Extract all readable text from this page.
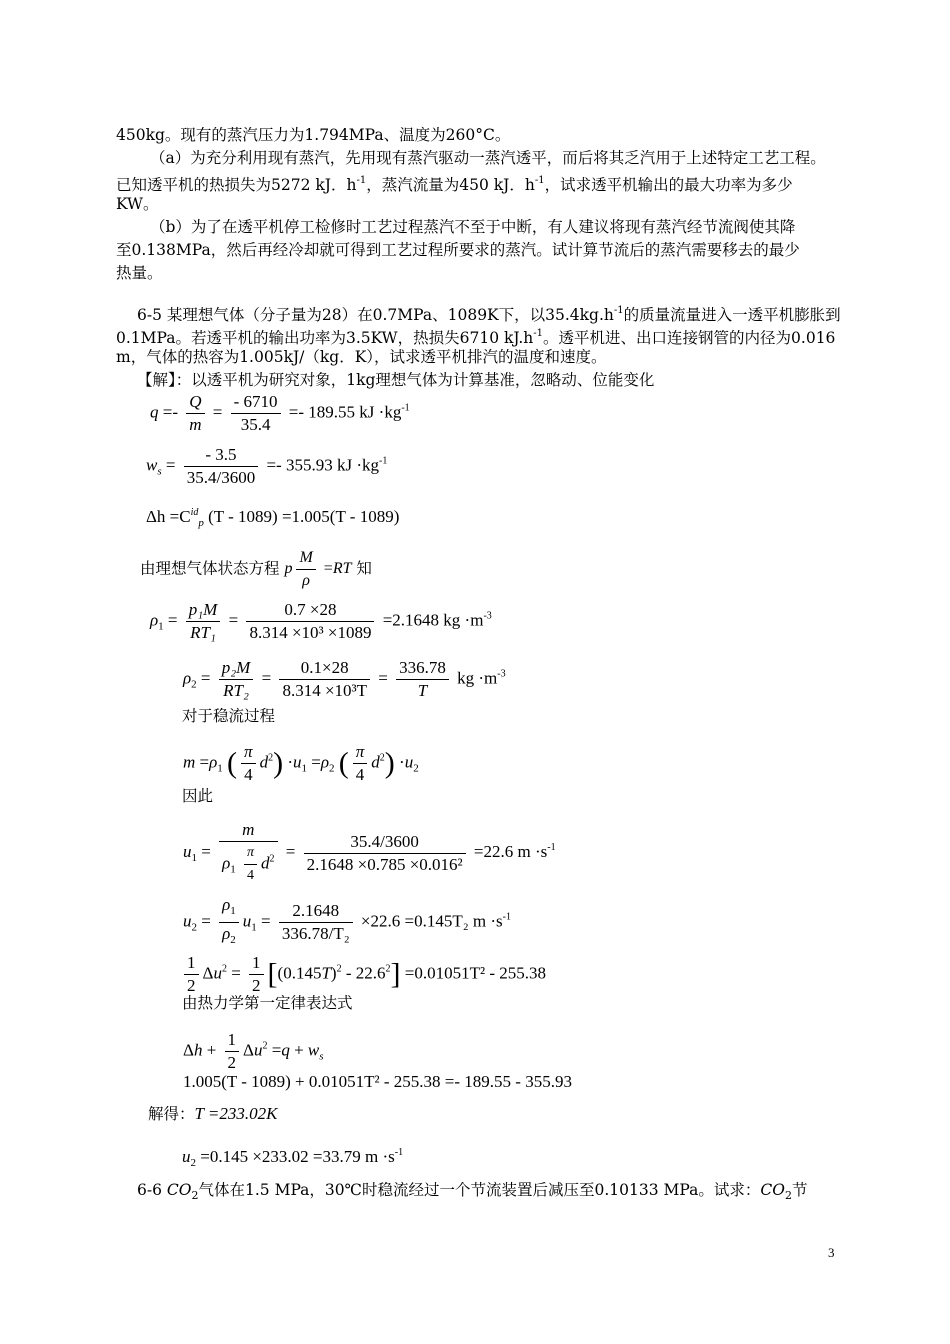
450kg。现有的蒸汽压力为1.794MPa、温度为260°C。
（a）为充分利用现有蒸汽，先用现有蒸汽驱动一蒸汽透平，而后将其乏汽用于上述特定工艺工程。
已知透平机的热损失为5272 kJ．$h^{-1}$，蒸汽流量为450 kJ．$h^{-1}$，试求透平机输出的最大功率为多少
KW。
（b）为了在透平机停工检修时工艺过程蒸汽不至于中断，有人建议将现有蒸汽经节流阀使其降
至0.138MPa，然后再经冷却就可得到工艺过程所要求的蒸汽。试计算节流后的蒸汽需要移去的最少
热量。
6-5 某理想气体（分子量为28）在0.7MPa、1089K下，以$35.4kg.h^{-1}$的质量流量进入一透平机膨胀到
0.1MPa。若透平机的输出功率为3.5KW，热损失6710 $kJ.h^{-1}$。透平机进、出口连接钢管的内径为0.016
m，气体的热容为1.005kJ/（kg．K），试求透平机排汽的温度和速度。
【解】：以透平机为研究对象，1kg理想气体为计算基准，忽略动、位能变化
$q =- \frac{Q}{m} = \frac{- 6710}{35.4} =- 189.55$ kJ $\cdot kg^{-1}$
$w_s = \frac{- 3.5}{35.4/3600} =- 355.93$ kJ $\cdot kg^{-1}$
$\Delta h =C^{id}_p$ (T - 1089) =1.005(T - 1089)
由理想气体状态方程 p $\frac{M}{\rho} =RT$ 知
$\rho_1 = \frac{\text{p₁M}}{\text{RT₁}} = \frac{0.7 \times 28}{\text{8.314 ×10³ ×1089}} =2.1648$ kg $\cdot m^{-3}$
$\rho_2 = \frac{\text{p₂M}}{\text{RT₂}} = \frac{0.1\times 28}{\text{8.314 ×10³T}} = \frac{336.78}{T}$ kg $\cdot m^{-3}$
对于稳流过程
$m =\rho_1$ ( $\frac{\pi}{4} d^2) \cdot u_1 =\rho_2$ ( $\frac{\pi}{4} d^2) \cdot u_2$
因此
$u_1 = \frac{m}{\rho_1 \frac{\pi}{4} d^2} = \frac{35.4/3600}{\text{2.1648 ×0.785 ×0.016²}} =22.6$ $m \cdot s^{-1}$
$u_2 = \frac{\rho_1}{\rho_2} u_1 = \frac{2.1648}{\text{336.78/T₂}} \times 22.6 =0.145T_2$ $m \cdot s^{-1}$
$\frac{1}{2} \Delta u^2 = \frac{1}{2} [(0.145T)^2 - 22.6^2] =0.01051T^2 - 255.38$
由热力学第一定律表达式
$\Delta h + \frac{1}{2} \Delta u^2 =q + w_s$
1.005(T - 1089) + 0.01051T² - 255.38 =- 189.55 - 355.93
解得：T =233.02K
$u_2 =0.145 \times 233.02 =33.79$ $m \cdot s^{-1}$
6-6 $CO_2$气体在1.5 MPa，30℃时稳流经过一个节流装置后减压至0.10133 MPa。试求：$CO_2$节
3
